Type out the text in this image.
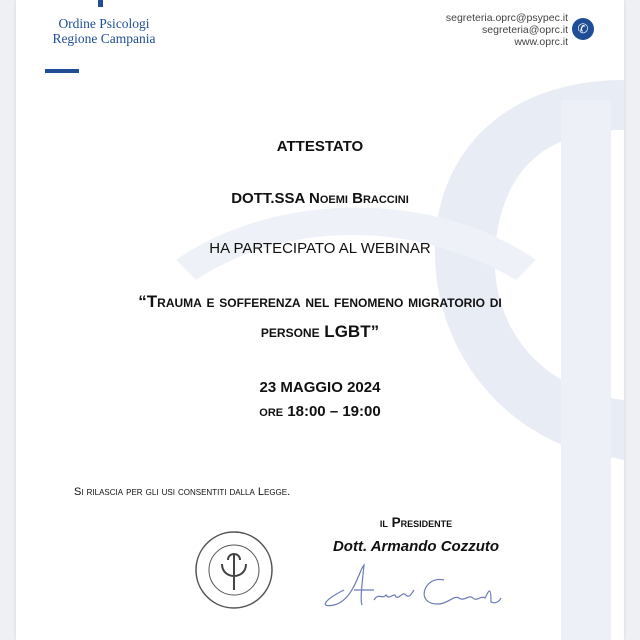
Ordine Psicologi
Regione Campania
segreteria.oprc@psypec.it
segreteria@oprc.it
www.oprc.it
✆
ATTESTATO
DOTT.SSA Noemi Braccini
HA PARTECIPATO AL WEBINAR
“Trauma e sofferenza nel fenomeno migratorio di
persone LGBT”
23 MAGGIO 2024
ore 18:00 – 19:00
Si rilascia per gli usi consentiti dalla Legge.
il Presidente
Dott. Armando Cozzuto
